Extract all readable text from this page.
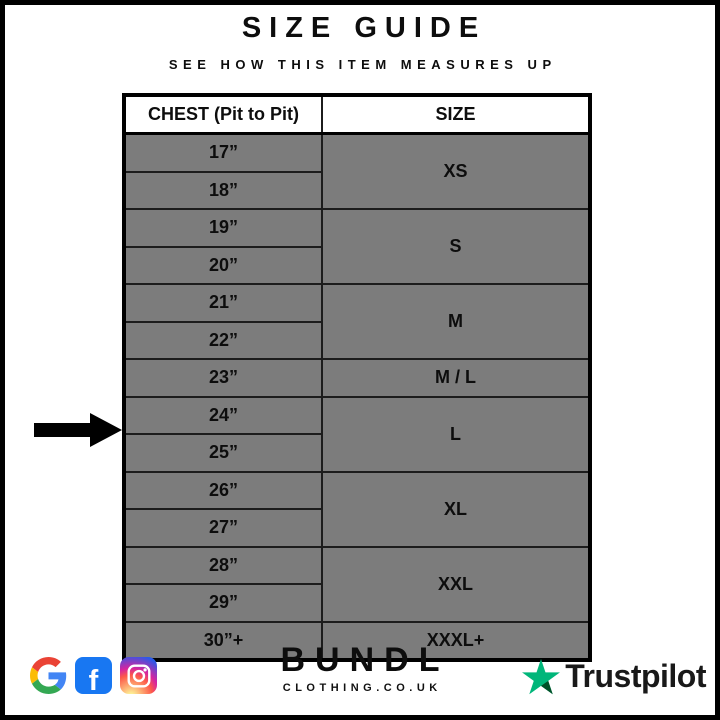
SIZE GUIDE
SEE HOW THIS ITEM MEASURES UP
CHEST (Pit to Pit)	SIZE
17”	XS
18”	
19”	S
20”	
21”	M
22”	
23”	M / L
24”	L
25”	
26”	XL
27”	
28”	XXL
29”	
30”+	XXXL+
f
BUNDL
CLOTHING.CO.UK	Trustpilot
